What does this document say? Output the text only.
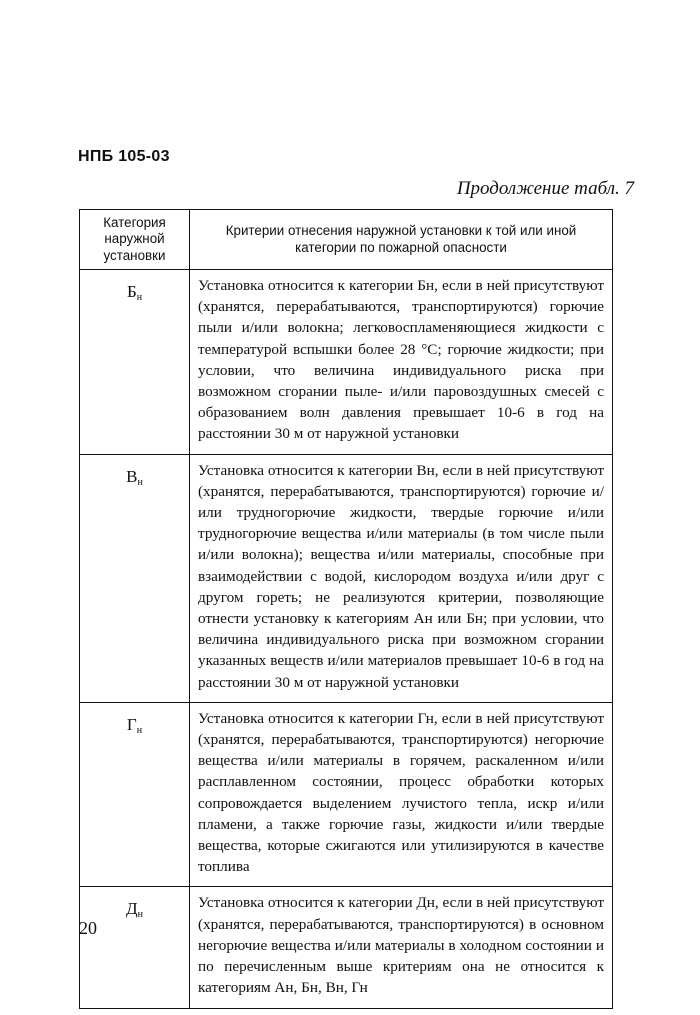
НПБ 105-03
Продолжение табл. 7
Категория наружной установки
Критерии отнесения наружной установки к той или иной категории по пожарной опасности
$Б_н$
Установка относится к категории Бн, если в ней присутствуют (хранятся, перерабатываются, транспортируются) горючие пыли и/или волокна; легковоспламеняющиеся жидкости с температурой вспышки более 28 °С; горючие жидкости; при условии, что величина индивидуального риска при возможном сгорании пыле- и/или паровоздушных смесей с образованием волн давления превышает 10-6 в год на расстоянии 30 м от наружной установки
$В_н$
Установка относится к категории Вн, если в ней присутствуют (хранятся, перерабатываются, транспортируются) горючие и/или трудногорючие жидкости, твердые горючие и/или трудногорючие вещества и/или материалы (в том числе пыли и/или волокна); вещества и/или материалы, способные при взаимодействии с водой, кислородом воздуха и/или друг с другом гореть; не реализуются критерии, позволяющие отнести установку к категориям Ан или Бн; при условии, что величина индивидуального риска при возможном сгорании указанных веществ и/или материалов превышает 10-6 в год на расстоянии 30 м от наружной установки
$Г_н$
Установка относится к категории Гн, если в ней присутствуют (хранятся, перерабатываются, транспортируются) негорючие вещества и/или материалы в горячем, раскаленном и/или расплавленном состоянии, процесс обработки которых сопровождается выделением лучистого тепла, искр и/или пламени, а также горючие газы, жидкости и/или твердые вещества, которые сжигаются или утилизируются в качестве топлива
$Д_н$
Установка относится к категории Дн, если в ней присутствуют (хранятся, перерабатываются, транспортируются) в основном негорючие вещества и/или материалы в холодном состоянии и по перечисленным выше критериям она не относится к категориям Ан, Бн, Вн, Гн
20
